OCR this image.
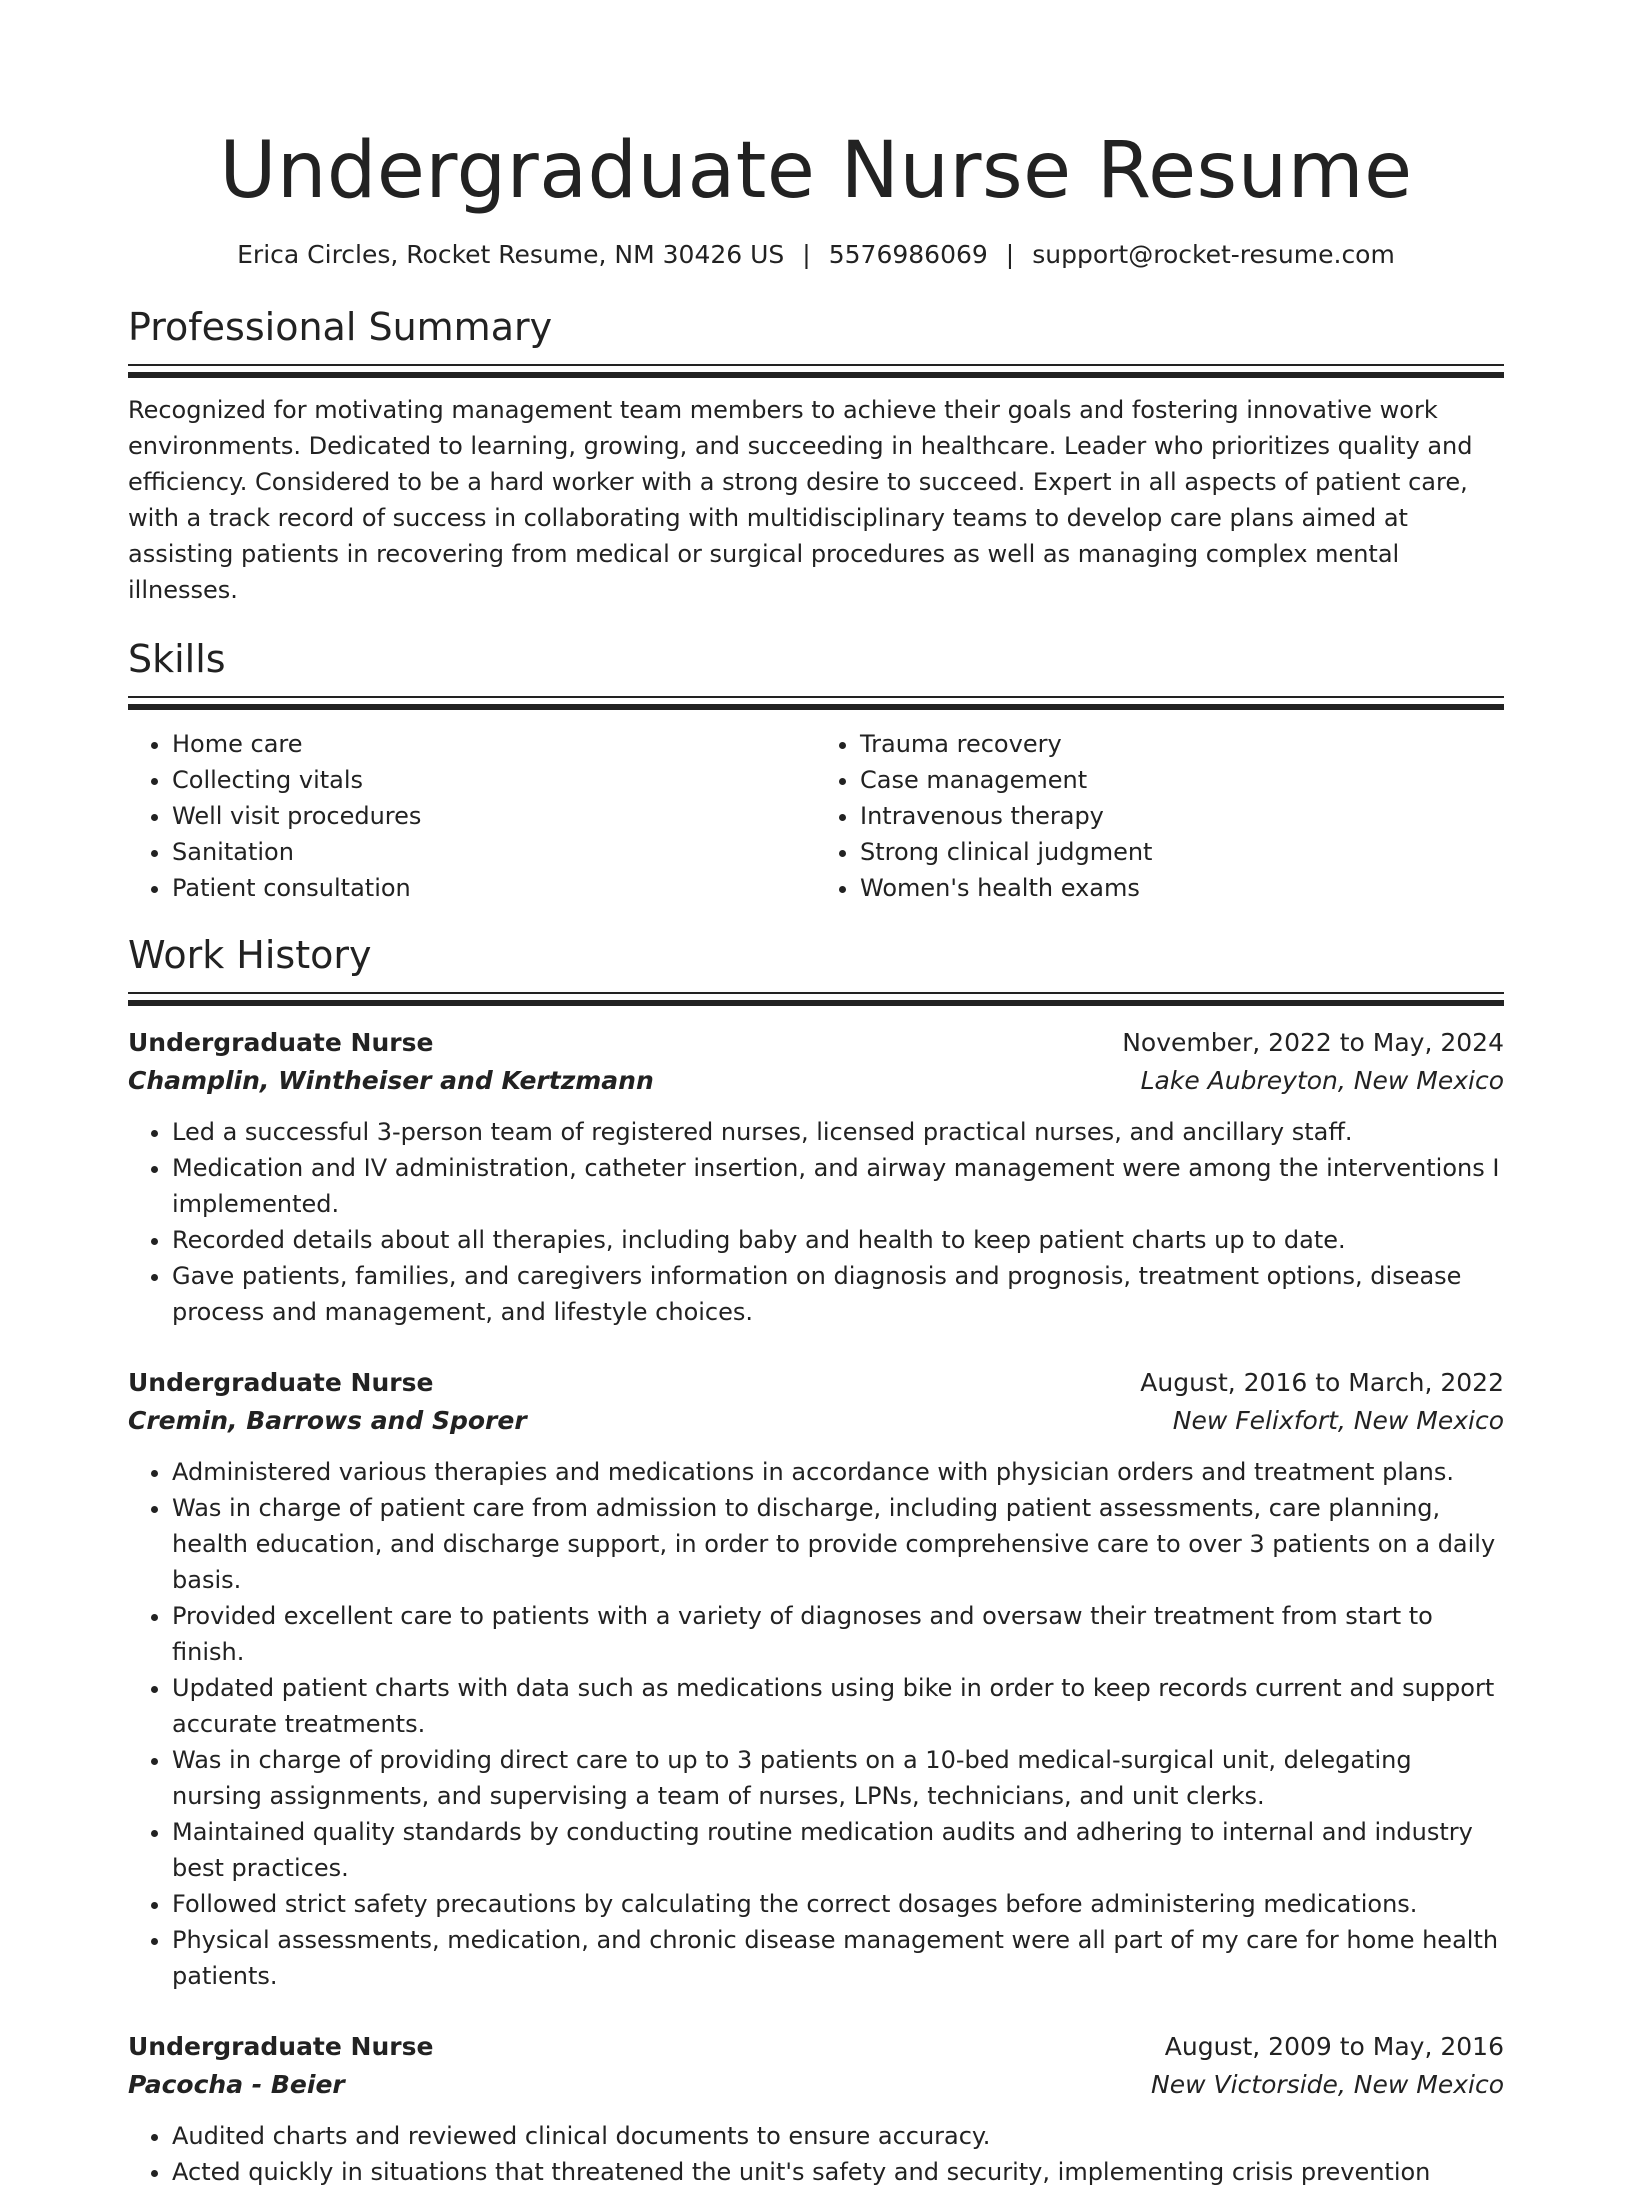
Undergraduate Nurse Resume
Erica Circles, Rocket Resume, NM 30426 US | 5576986069 | support@rocket-resume.com
Professional Summary
Recognized for motivating management team members to achieve their goals and fostering innovative work environments. Dedicated to learning, growing, and succeeding in healthcare. Leader who prioritizes quality and efficiency. Considered to be a hard worker with a strong desire to succeed. Expert in all aspects of patient care, with a track record of success in collaborating with multidisciplinary teams to develop care plans aimed at assisting patients in recovering from medical or surgical procedures as well as managing complex mental illnesses.
Skills
• Home care
• Collecting vitals
• Well visit procedures
• Sanitation
• Patient consultation
• Trauma recovery
• Case management
• Intravenous therapy
• Strong clinical judgment
• Women's health exams
Work History
Undergraduate Nurse	November, 2022 to May, 2024
Champlin, Wintheiser and Kertzmann	Lake Aubreyton, New Mexico
• Led a successful 3-person team of registered nurses, licensed practical nurses, and ancillary staff.
• Medication and IV administration, catheter insertion, and airway management were among the interventions I implemented.
• Recorded details about all therapies, including baby and health to keep patient charts up to date.
• Gave patients, families, and caregivers information on diagnosis and prognosis, treatment options, disease process and management, and lifestyle choices.
Undergraduate Nurse	August, 2016 to March, 2022
Cremin, Barrows and Sporer	New Felixfort, New Mexico
• Administered various therapies and medications in accordance with physician orders and treatment plans.
• Was in charge of patient care from admission to discharge, including patient assessments, care planning, health education, and discharge support, in order to provide comprehensive care to over 3 patients on a daily basis.
• Provided excellent care to patients with a variety of diagnoses and oversaw their treatment from start to finish.
• Updated patient charts with data such as medications using bike in order to keep records current and support accurate treatments.
• Was in charge of providing direct care to up to 3 patients on a 10-bed medical-surgical unit, delegating nursing assignments, and supervising a team of nurses, LPNs, technicians, and unit clerks.
• Maintained quality standards by conducting routine medication audits and adhering to internal and industry best practices.
• Followed strict safety precautions by calculating the correct dosages before administering medications.
• Physical assessments, medication, and chronic disease management were all part of my care for home health patients.
Undergraduate Nurse	August, 2009 to May, 2016
Pacocha - Beier	New Victorside, New Mexico
• Audited charts and reviewed clinical documents to ensure accuracy.
• Acted quickly in situations that threatened the unit's safety and security, implementing crisis prevention
